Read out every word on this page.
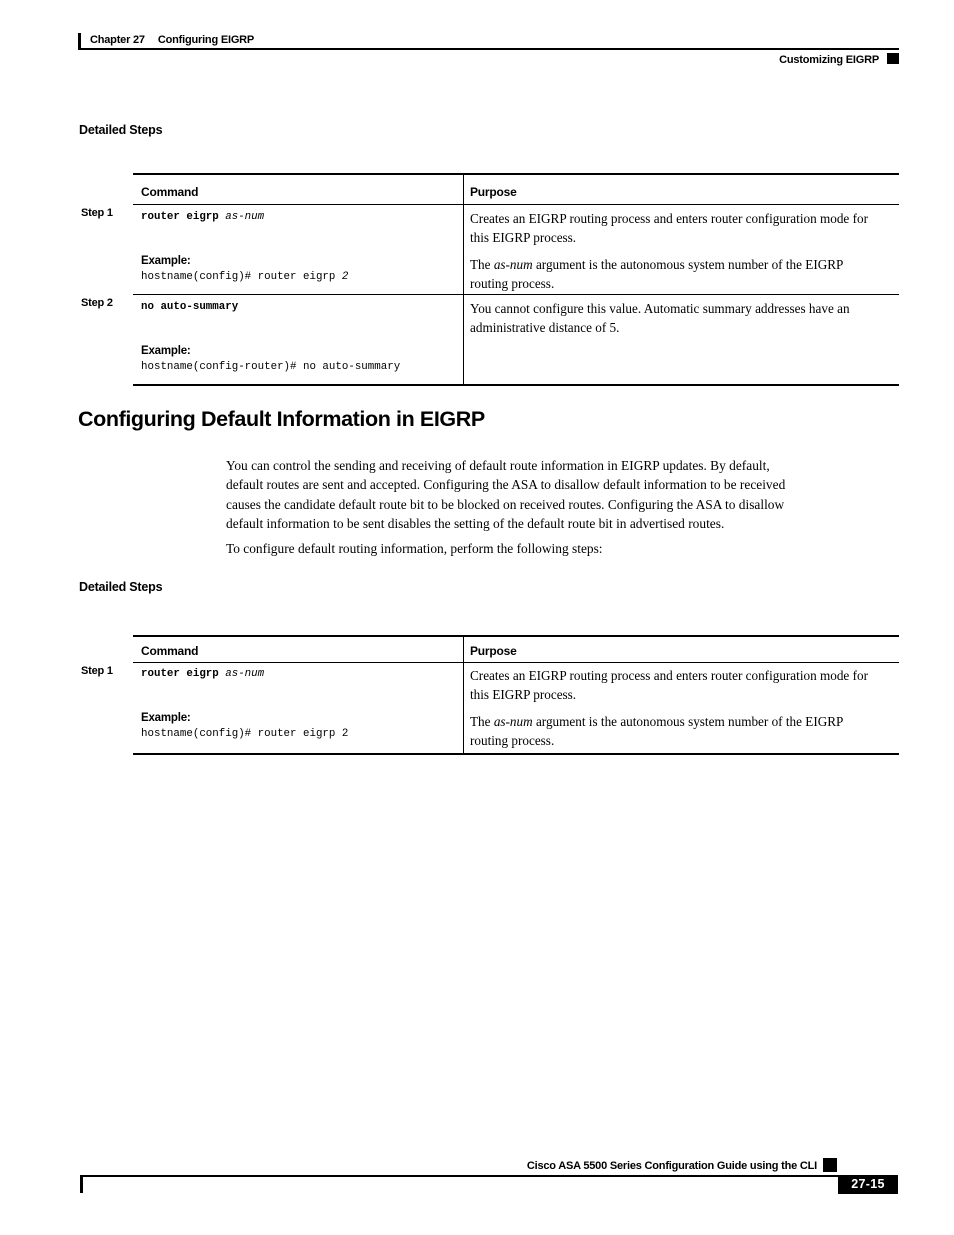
Chapter 27 Configuring EIGRP
Customizing EIGRP
Detailed Steps
Step 1
Step 2
Step 1
Command	Purpose
router eigrp as-num
Example:
hostname(config)# router eigrp 2
Creates an EIGRP routing process and enters router configuration mode for this EIGRP process.
The as-num argument is the autonomous system number of the EIGRP routing process.
no auto-summary
Example:
hostname(config-router)# no auto-summary
You cannot configure this value. Automatic summary addresses have an administrative distance of 5.
Configuring Default Information in EIGRP
You can control the sending and receiving of default route information in EIGRP updates. By default,
default routes are sent and accepted. Configuring the ASA to disallow default information to be received
causes the candidate default route bit to be blocked on received routes. Configuring the ASA to disallow
default information to be sent disables the setting of the default route bit in advertised routes.
To configure default routing information, perform the following steps:
Detailed Steps
Command	Purpose
router eigrp as-num
Example:
hostname(config)# router eigrp 2
Creates an EIGRP routing process and enters router configuration mode for this EIGRP process.
The as-num argument is the autonomous system number of the EIGRP routing process.
Cisco ASA 5500 Series Configuration Guide using the CLI
27-15
